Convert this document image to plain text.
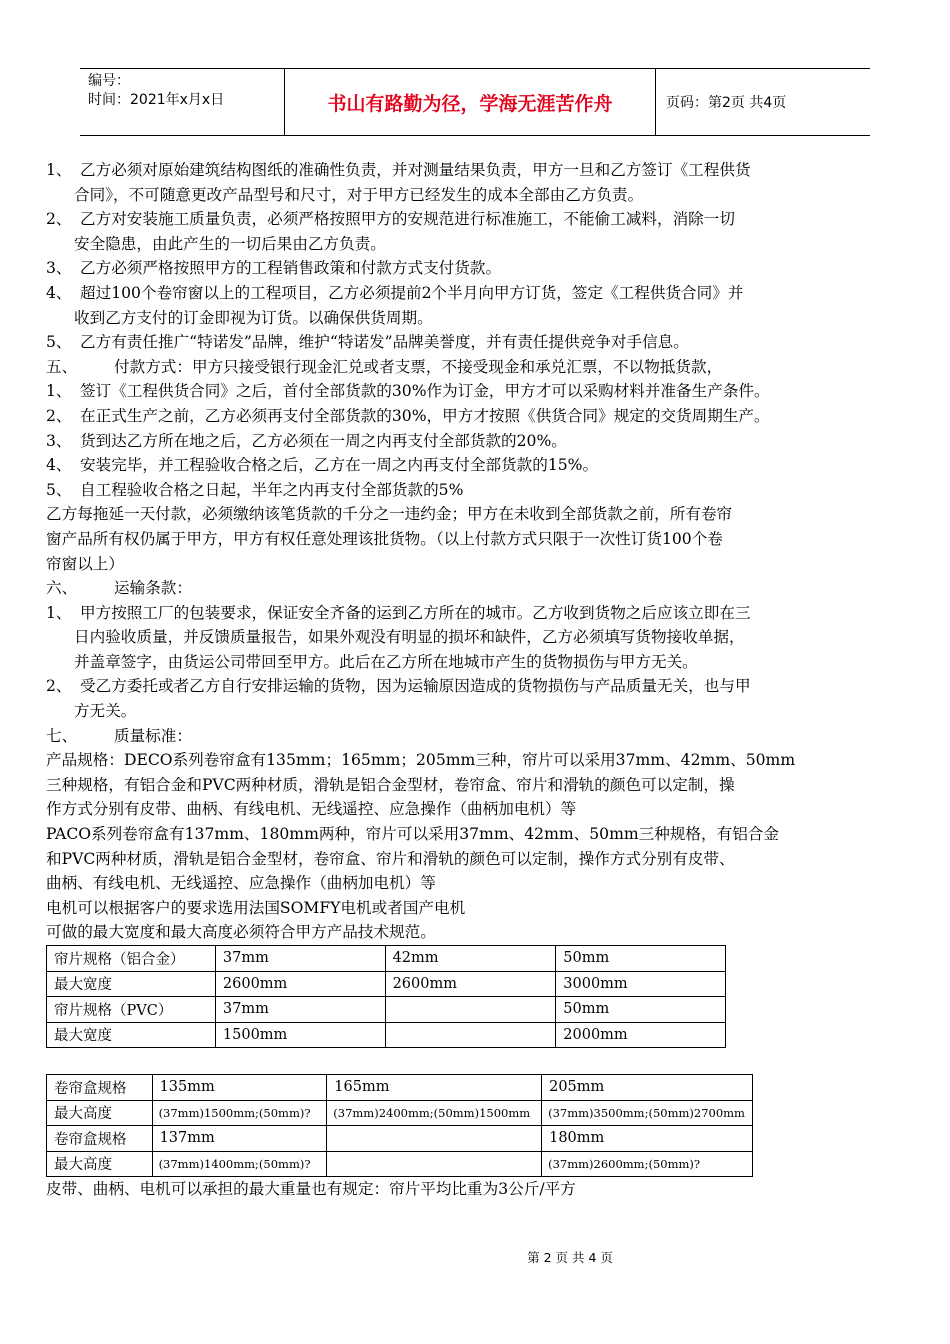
编号：
时间：2021年x月x日	书山有路勤为径，学海无涯苦作舟	页码：第2页 共4页

1、 乙方必须对原始建筑结构图纸的准确性负责，并对测量结果负责，甲方一旦和乙方签订《工程供货

合同》，不可随意更改产品型号和尺寸，对于甲方已经发生的成本全部由乙方负责。

2、 乙方对安装施工质量负责，必须严格按照甲方的安规范进行标准施工，不能偷工减料，消除一切

安全隐患，由此产生的一切后果由乙方负责。

3、 乙方必须严格按照甲方的工程销售政策和付款方式支付货款。

4、 超过100个卷帘窗以上的工程项目，乙方必须提前2个半月向甲方订货，签定《工程供货合同》并

收到乙方支付的订金即视为订货。以确保供货周期。

5、 乙方有责任推广“特诺发”品牌，维护“特诺发”品牌美誉度，并有责任提供竞争对手信息。

五、 付款方式：甲方只接受银行现金汇兑或者支票，不接受现金和承兑汇票，不以物抵货款，

1、 签订《工程供货合同》之后，首付全部货款的30%作为订金，甲方才可以采购材料并准备生产条件。

2、 在正式生产之前，乙方必须再支付全部货款的30%，甲方才按照《供货合同》规定的交货周期生产。

3、 货到达乙方所在地之后，乙方必须在一周之内再支付全部货款的20%。

4、 安装完毕，并工程验收合格之后，乙方在一周之内再支付全部货款的15%。

5、 自工程验收合格之日起，半年之内再支付全部货款的5%

乙方每拖延一天付款，必须缴纳该笔货款的千分之一违约金；甲方在未收到全部货款之前，所有卷帘

窗产品所有权仍属于甲方，甲方有权任意处理该批货物。（以上付款方式只限于一次性订货100个卷

帘窗以上）

六、 运输条款：

1、 甲方按照工厂的包装要求，保证安全齐备的运到乙方所在的城市。乙方收到货物之后应该立即在三

日内验收质量，并反馈质量报告，如果外观没有明显的损坏和缺件，乙方必须填写货物接收单据，

并盖章签字，由货运公司带回至甲方。此后在乙方所在地城市产生的货物损伤与甲方无关。

2、 受乙方委托或者乙方自行安排运输的货物，因为运输原因造成的货物损伤与产品质量无关，也与甲

方无关。

七、 质量标准：

产品规格：DECO系列卷帘盒有135mm；165mm；205mm三种，帘片可以采用37mm、42mm、50mm

三种规格，有铝合金和PVC两种材质，滑轨是铝合金型材，卷帘盒、帘片和滑轨的颜色可以定制，操

作方式分别有皮带、曲柄、有线电机、无线遥控、应急操作（曲柄加电机）等

PACO系列卷帘盒有137mm、180mm两种，帘片可以采用37mm、42mm、50mm三种规格，有铝合金

和PVC两种材质，滑轨是铝合金型材，卷帘盒、帘片和滑轨的颜色可以定制，操作方式分别有皮带、

曲柄、有线电机、无线遥控、应急操作（曲柄加电机）等

电机可以根据客户的要求选用法国SOMFY电机或者国产电机

可做的最大宽度和最大高度必须符合甲方产品技术规范。

帘片规格（铝合金）	37mm	42mm	50mm
最大宽度	2600mm	2600mm	3000mm
帘片规格（PVC）	37mm		50mm
最大宽度	1500mm		2000mm
卷帘盒规格	135mm	165mm	205mm
最大高度	(37mm)1500mm;(50mm)?	(37mm)2400mm;(50mm)1500mm	(37mm)3500mm;(50mm)2700mm
卷帘盒规格	137mm		180mm
最大高度	(37mm)1400mm;(50mm)?		(37mm)2600mm;(50mm)?

皮带、曲柄、电机可以承担的最大重量也有规定：帘片平均比重为3公斤/平方

第 2 页 共 4 页
